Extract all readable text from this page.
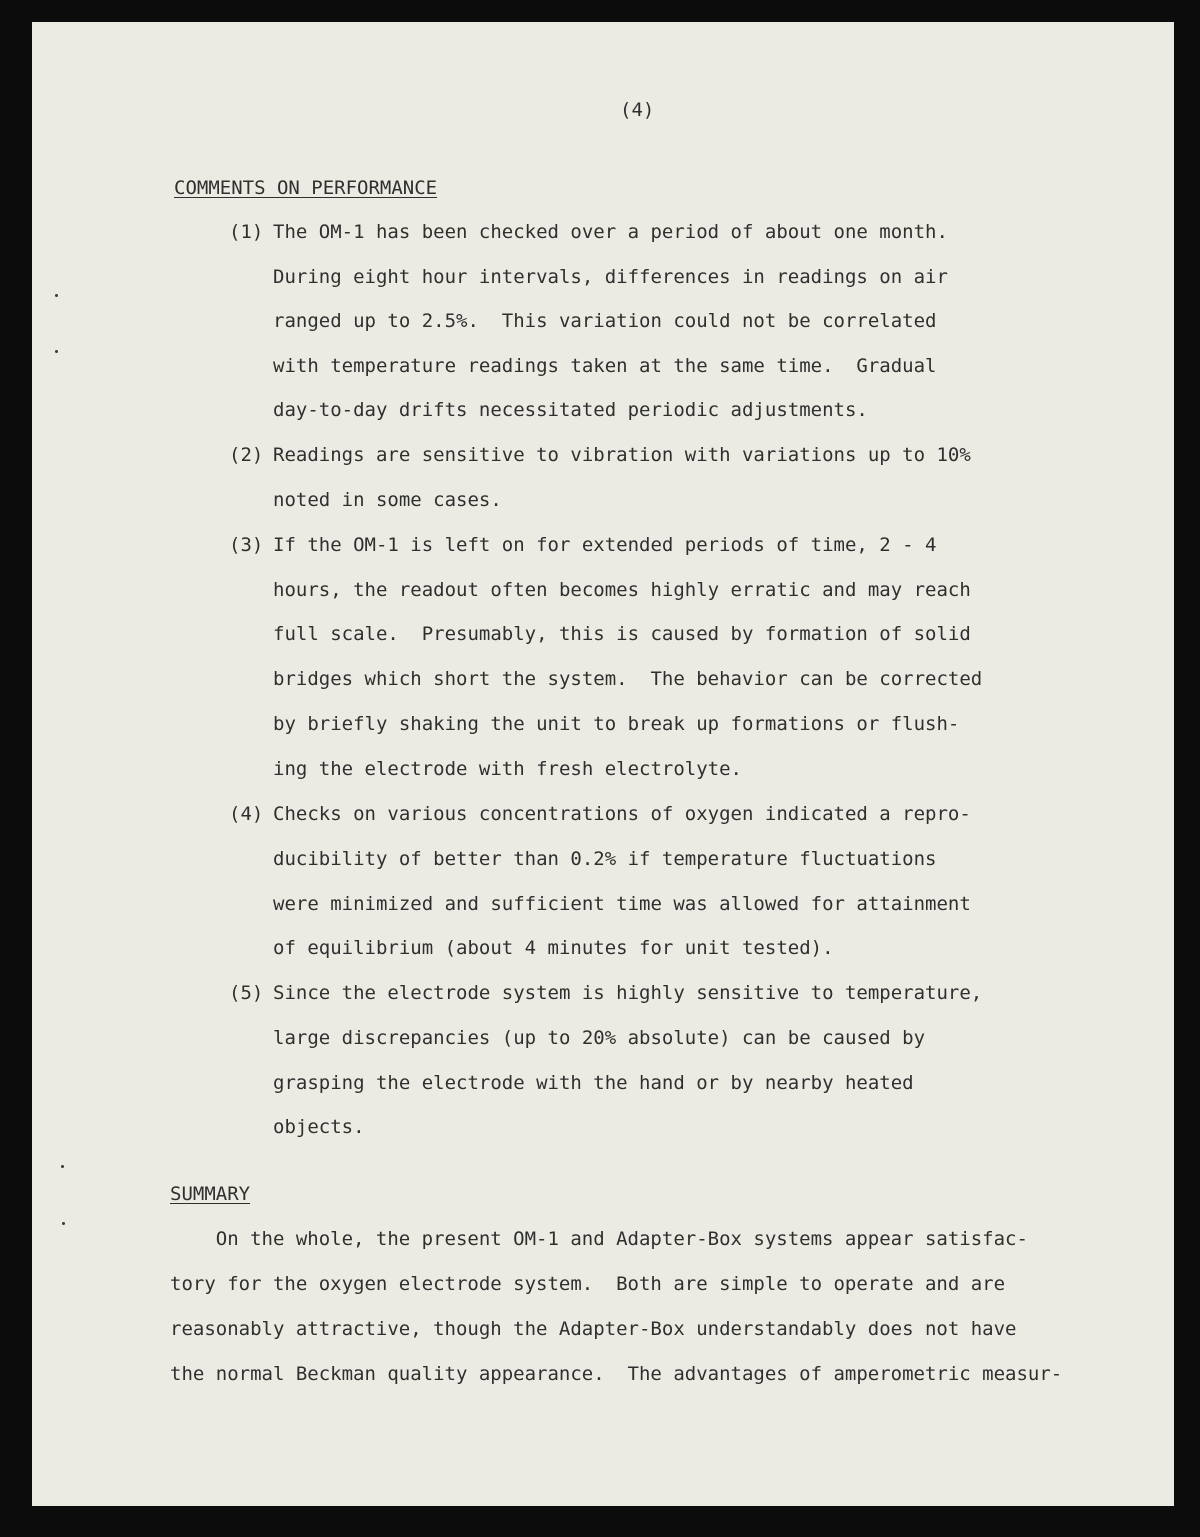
(4)
COMMENTS ON PERFORMANCE
(1) The OM-1 has been checked over a period of about one month.
During eight hour intervals, differences in readings on air
ranged up to 2.5%.  This variation could not be correlated
with temperature readings taken at the same time.  Gradual
day-to-day drifts necessitated periodic adjustments.
(2) Readings are sensitive to vibration with variations up to 10%
noted in some cases.
(3) If the OM-1 is left on for extended periods of time, 2 - 4
hours, the readout often becomes highly erratic and may reach
full scale.  Presumably, this is caused by formation of solid
bridges which short the system.  The behavior can be corrected
by briefly shaking the unit to break up formations or flush-
ing the electrode with fresh electrolyte.
(4) Checks on various concentrations of oxygen indicated a repro-
ducibility of better than 0.2% if temperature fluctuations
were minimized and sufficient time was allowed for attainment
of equilibrium (about 4 minutes for unit tested).
(5) Since the electrode system is highly sensitive to temperature,
large discrepancies (up to 20% absolute) can be caused by
grasping the electrode with the hand or by nearby heated
objects.
SUMMARY
On the whole, the present OM-1 and Adapter-Box systems appear satisfac-
tory for the oxygen electrode system.  Both are simple to operate and are
reasonably attractive, though the Adapter-Box understandably does not have
the normal Beckman quality appearance.  The advantages of amperometric measur-
